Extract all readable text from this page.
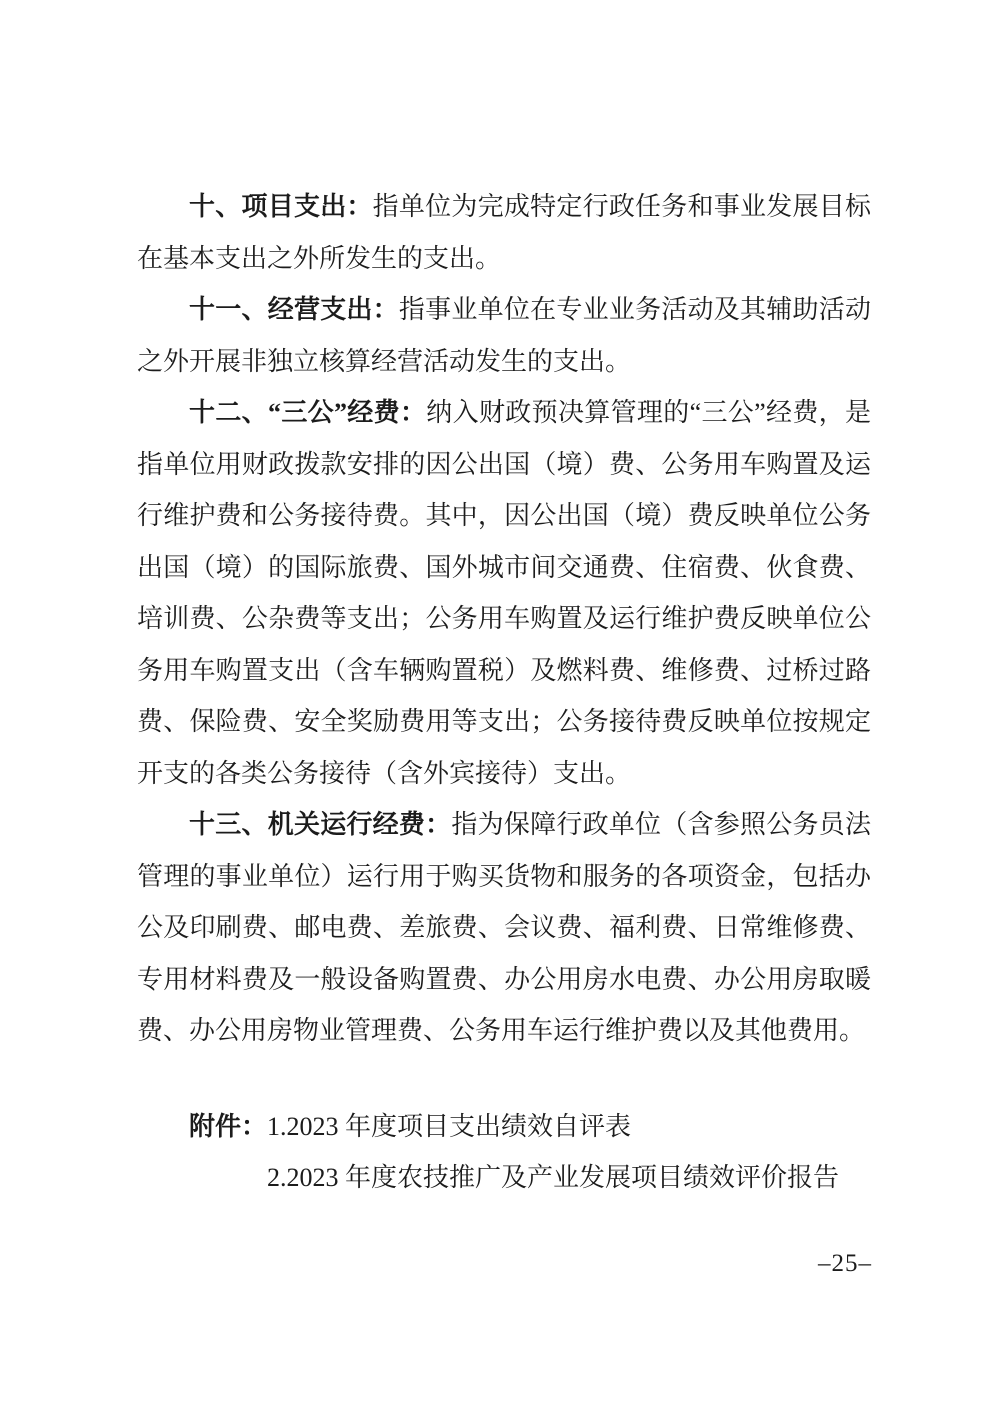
十、项目支出：指单位为完成特定行政任务和事业发展目标在基本支出之外所发生的支出。

十一、经营支出：指事业单位在专业业务活动及其辅助活动之外开展非独立核算经营活动发生的支出。

十二、“三公”经费：纳入财政预决算管理的“三公”经费，是指单位用财政拨款安排的因公出国（境）费、公务用车购置及运行维护费和公务接待费。其中，因公出国（境）费反映单位公务出国（境）的国际旅费、国外城市间交通费、住宿费、伙食费、培训费、公杂费等支出；公务用车购置及运行维护费反映单位公务用车购置支出（含车辆购置税）及燃料费、维修费、过桥过路费、保险费、安全奖励费用等支出；公务接待费反映单位按规定开支的各类公务接待（含外宾接待）支出。

十三、机关运行经费：指为保障行政单位（含参照公务员法管理的事业单位）运行用于购买货物和服务的各项资金，包括办公及印刷费、邮电费、差旅费、会议费、福利费、日常维修费、专用材料费及一般设备购置费、办公用房水电费、办公用房取暖费、办公用房物业管理费、公务用车运行维护费以及其他费用。

附件：1.2023 年度项目支出绩效自评表
2.2023 年度农技推广及产业发展项目绩效评价报告
–25–
